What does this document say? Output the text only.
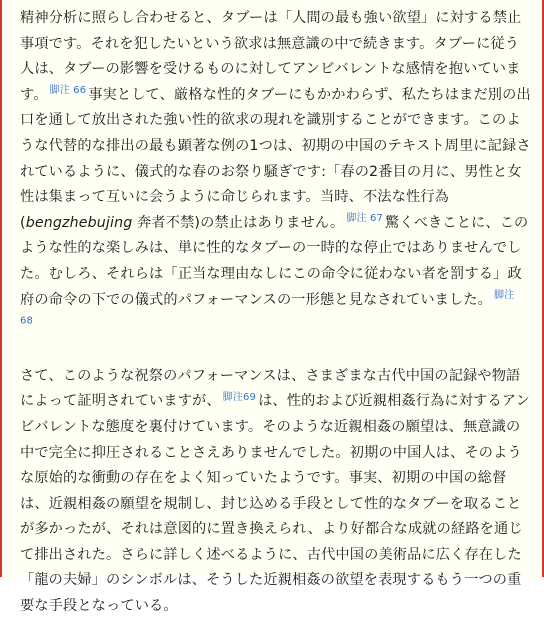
精神分析に照らし合わせると、タブーは「人間の最も強い欲望」に対する禁止事項です。それを犯したいという欲求は無意識の中で続きます。タブーに従う人は、タブーの影響を受けるものに対してアンビバレントな感情を抱いています。 $^{脚注 66}$ 事実として、厳格な性的タブーにもかかわらず、私たちはまだ別の出口を通して放出された強い性的欲求の現れを識別することができます。このような代替的な排出の最も顕著な例の1つは、初期の中国のテキスト周里に記録されているように、儀式的な春のお祭り騒ぎです:「春の2番目の月に、男性と女性は集まって互いに会うように命じられます。当時、不法な性行為(bengzhebujing 奔者不禁)の禁止はありません。 $^{脚注 67}$ 驚くべきことに、このような性的な楽しみは、単に性的なタブーの一時的な停止ではありませんでした。むしろ、それらは「正当な理由なしにこの命令に従わない者を罰する」政府の命令の下での儀式的パフォーマンスの一形態と見なされていました。 $^{脚注}$
$^{68}$

さて、このような祝祭のパフォーマンスは、さまざまな古代中国の記録や物語によって証明されていますが、 $^{脚注69}$ は、性的および近親相姦行為に対するアンビバレントな態度を裏付けています。そのような近親相姦の願望は、無意識の中で完全に抑圧されることさえありませんでした。初期の中国人は、そのような原始的な衝動の存在をよく知っていたようです。事実、初期の中国の総督は、近親相姦の願望を規制し、封じ込める手段として性的なタブーを取ることが多かったが、それは意図的に置き換えられ、より好都合な成就の経路を通じて排出された。さらに詳しく述べるように、古代中国の美術品に広く存在した「龍の夫婦」のシンボルは、そうした近親相姦の欲望を表現するもう一つの重要な手段となっている。
